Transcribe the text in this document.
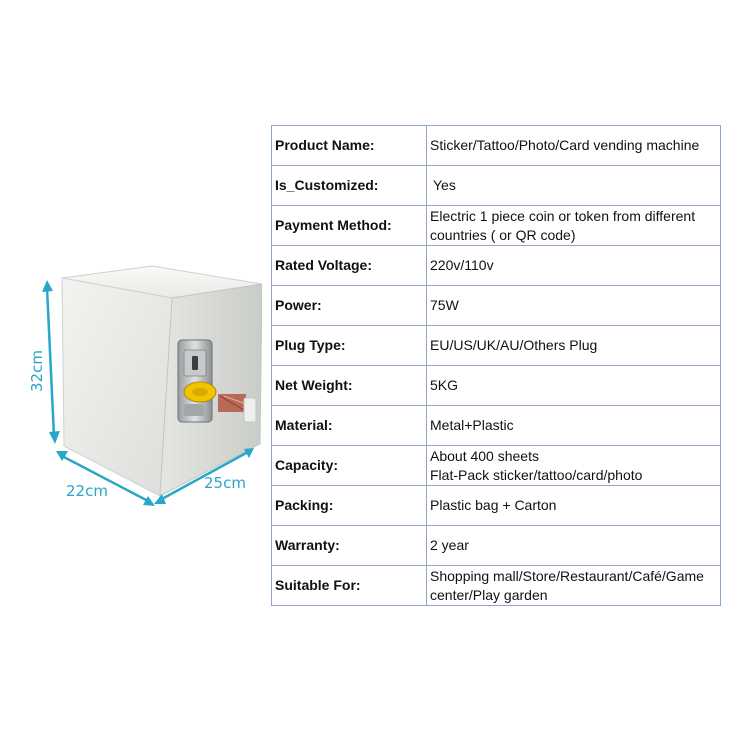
32cm
22cm	25cm
Product Name:	Sticker/Tattoo/Photo/Card vending machine
Is_Customized:	Yes
Payment Method:	Electric 1 piece coin or token from different countries ( or QR code)
Rated Voltage:	220v/110v
Power:	75W
Plug Type:	EU/US/UK/AU/Others Plug
Net Weight:	5KG
Material:	Metal+Plastic
Capacity:	About 400 sheets
Flat-Pack sticker/tattoo/card/photo
Packing:	Plastic bag + Carton
Warranty:	2 year
Suitable For:	Shopping mall/Store/Restaurant/Café/Game center/Play garden
